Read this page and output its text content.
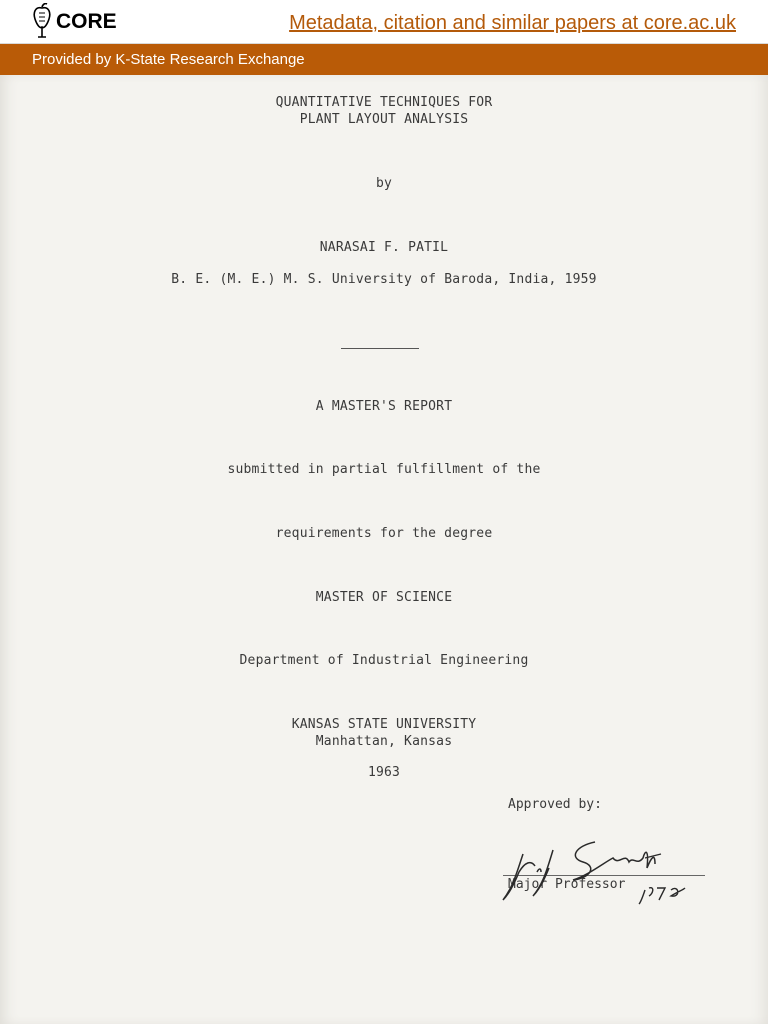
CORE	Metadata, citation and similar papers at core.ac.uk
Provided by K-State Research Exchange
QUANTITATIVE TECHNIQUES FOR
PLANT LAYOUT ANALYSIS
by
NARASAI F. PATIL
B. E. (M. E.) M. S. University of Baroda, India, 1959
A MASTER'S REPORT
submitted in partial fulfillment of the
requirements for the degree
MASTER OF SCIENCE
Department of Industrial Engineering
KANSAS STATE UNIVERSITY
Manhattan, Kansas
1963
Approved by:
Major Professor
